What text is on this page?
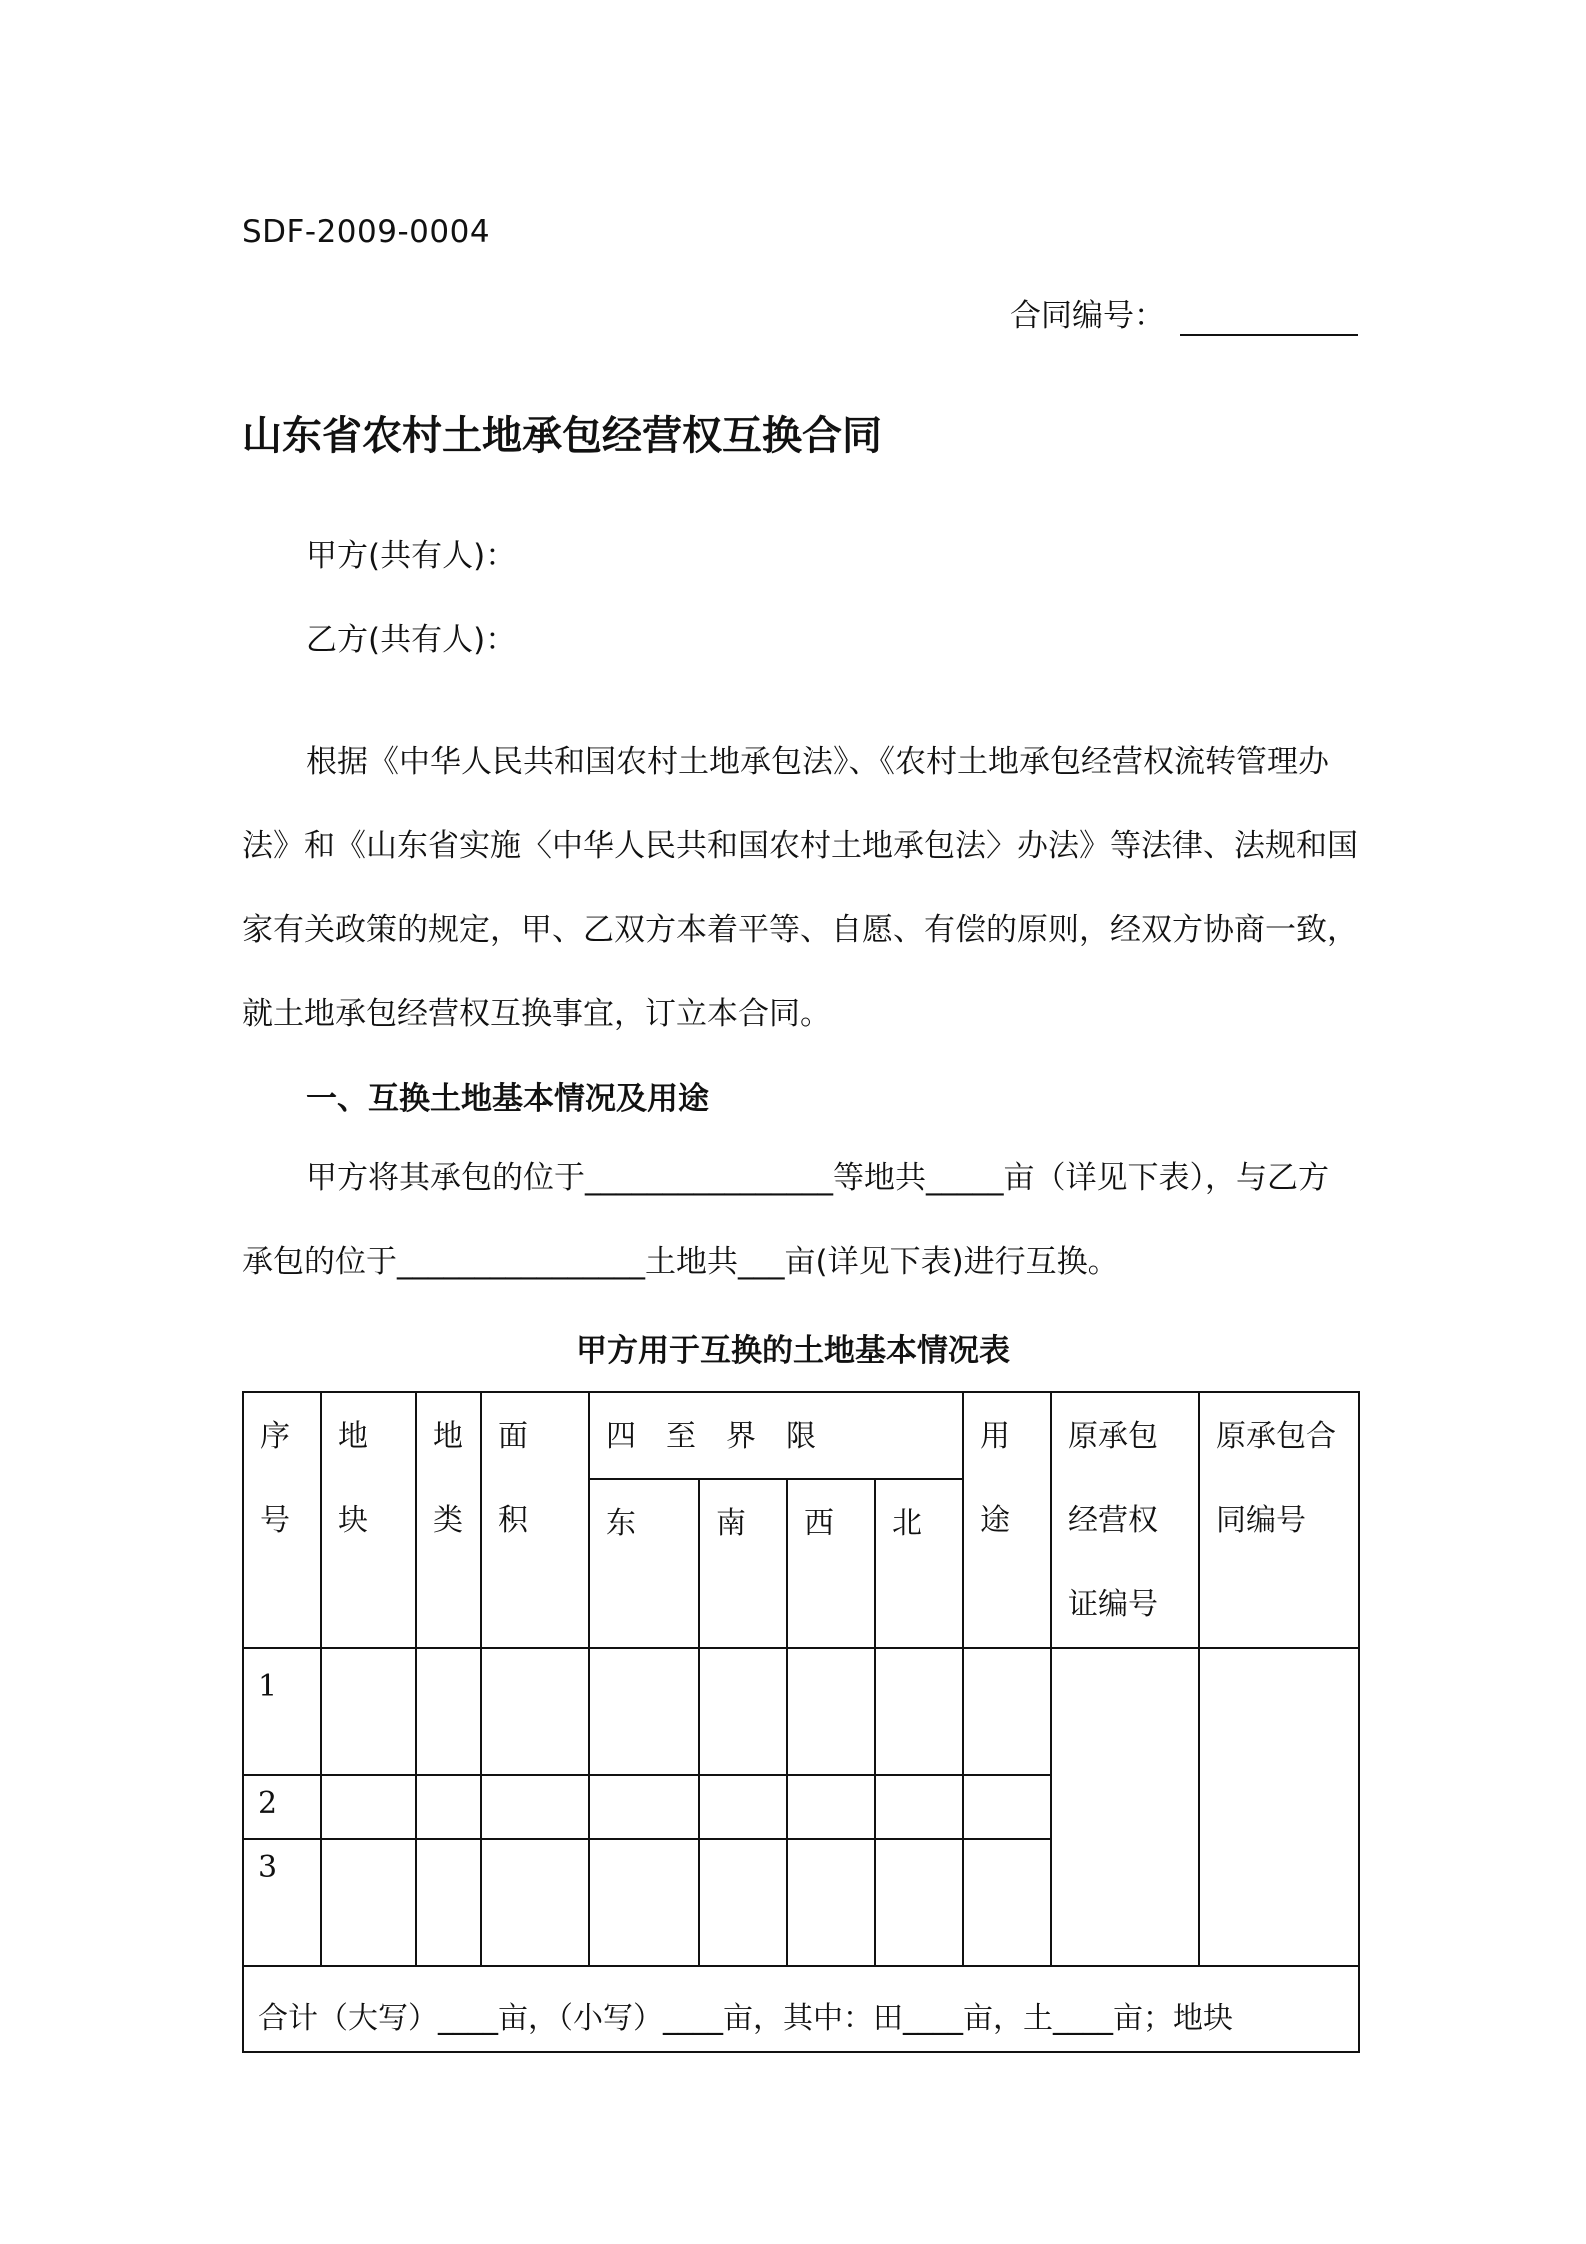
SDF-2009-0004
合同编号：
山东省农村土地承包经营权互换合同
甲方(共有人)：
乙方(共有人)：

根据《中华人民共和国农村土地承包法》、《农村土地承包经营权流转管理办法》和《山东省实施〈中华人民共和国农村土地承包法〉办法》等法律、法规和国家有关政策的规定，甲、乙双方本着平等、自愿、有偿的原则，经双方协商一致，就土地承包经营权互换事宜，订立本合同。

一、互换土地基本情况及用途

甲方将其承包的位于________________等地共_____亩（详见下表），与乙方承包的位于________________土地共___亩(详见下表)进行互换。

甲方用于互换的土地基本情况表
序号	地块	地类	面积	四至界限				用途	原承包经营权证编号	原承包合同编号

				东	南	西	北			
1										
2										
3										
合计（大写）____亩，（小写）____亩，其中：田____亩，土____亩；地块										
